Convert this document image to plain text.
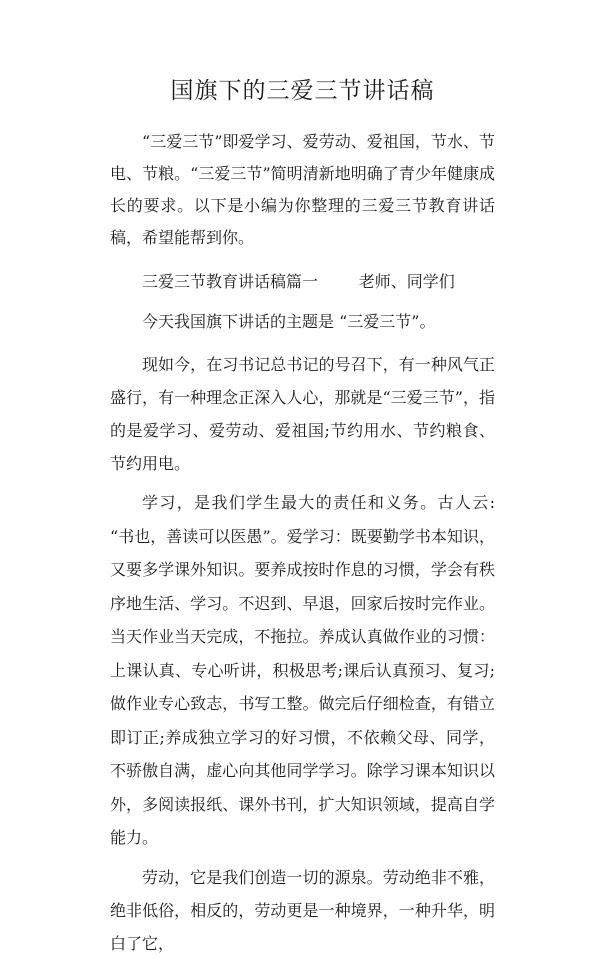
国旗下的三爱三节讲话稿

“三爱三节”即爱学习、爱劳动、爱祖国，节水、节电、节粮。“三爱三节”简明清新地明确了青少年健康成长的要求。以下是小编为你整理的三爱三节教育讲话稿，希望能帮到你。

三爱三节教育讲话稿篇一        老师、同学们

今天我国旗下讲话的主题是 “三爱三节”。

现如今，在习书记总书记的号召下，有一种风气正盛行，有一种理念正深入人心，那就是“三爱三节”，指的是爱学习、爱劳动、爱祖国;节约用水、节约粮食、节约用电。

学习，是我们学生最大的责任和义务。古人云: “书也，善读可以医愚”。爱学习：既要勤学书本知识，又要多学课外知识。要养成按时作息的习惯，学会有秩序地生活、学习。不迟到、早退，回家后按时完作业。当天作业当天完成，不拖拉。养成认真做作业的习惯：上课认真、专心听讲，积极思考;课后认真预习、复习;做作业专心致志，书写工整。做完后仔细检查，有错立即订正;养成独立学习的好习惯，不依赖父母、同学，不骄傲自满，虚心向其他同学学习。除学习课本知识以外，多阅读报纸、课外书刊，扩大知识领域，提高自学能力。

劳动，它是我们创造一切的源泉。劳动绝非不雅，绝非低俗，相反的，劳动更是一种境界，一种升华，明白了它，
